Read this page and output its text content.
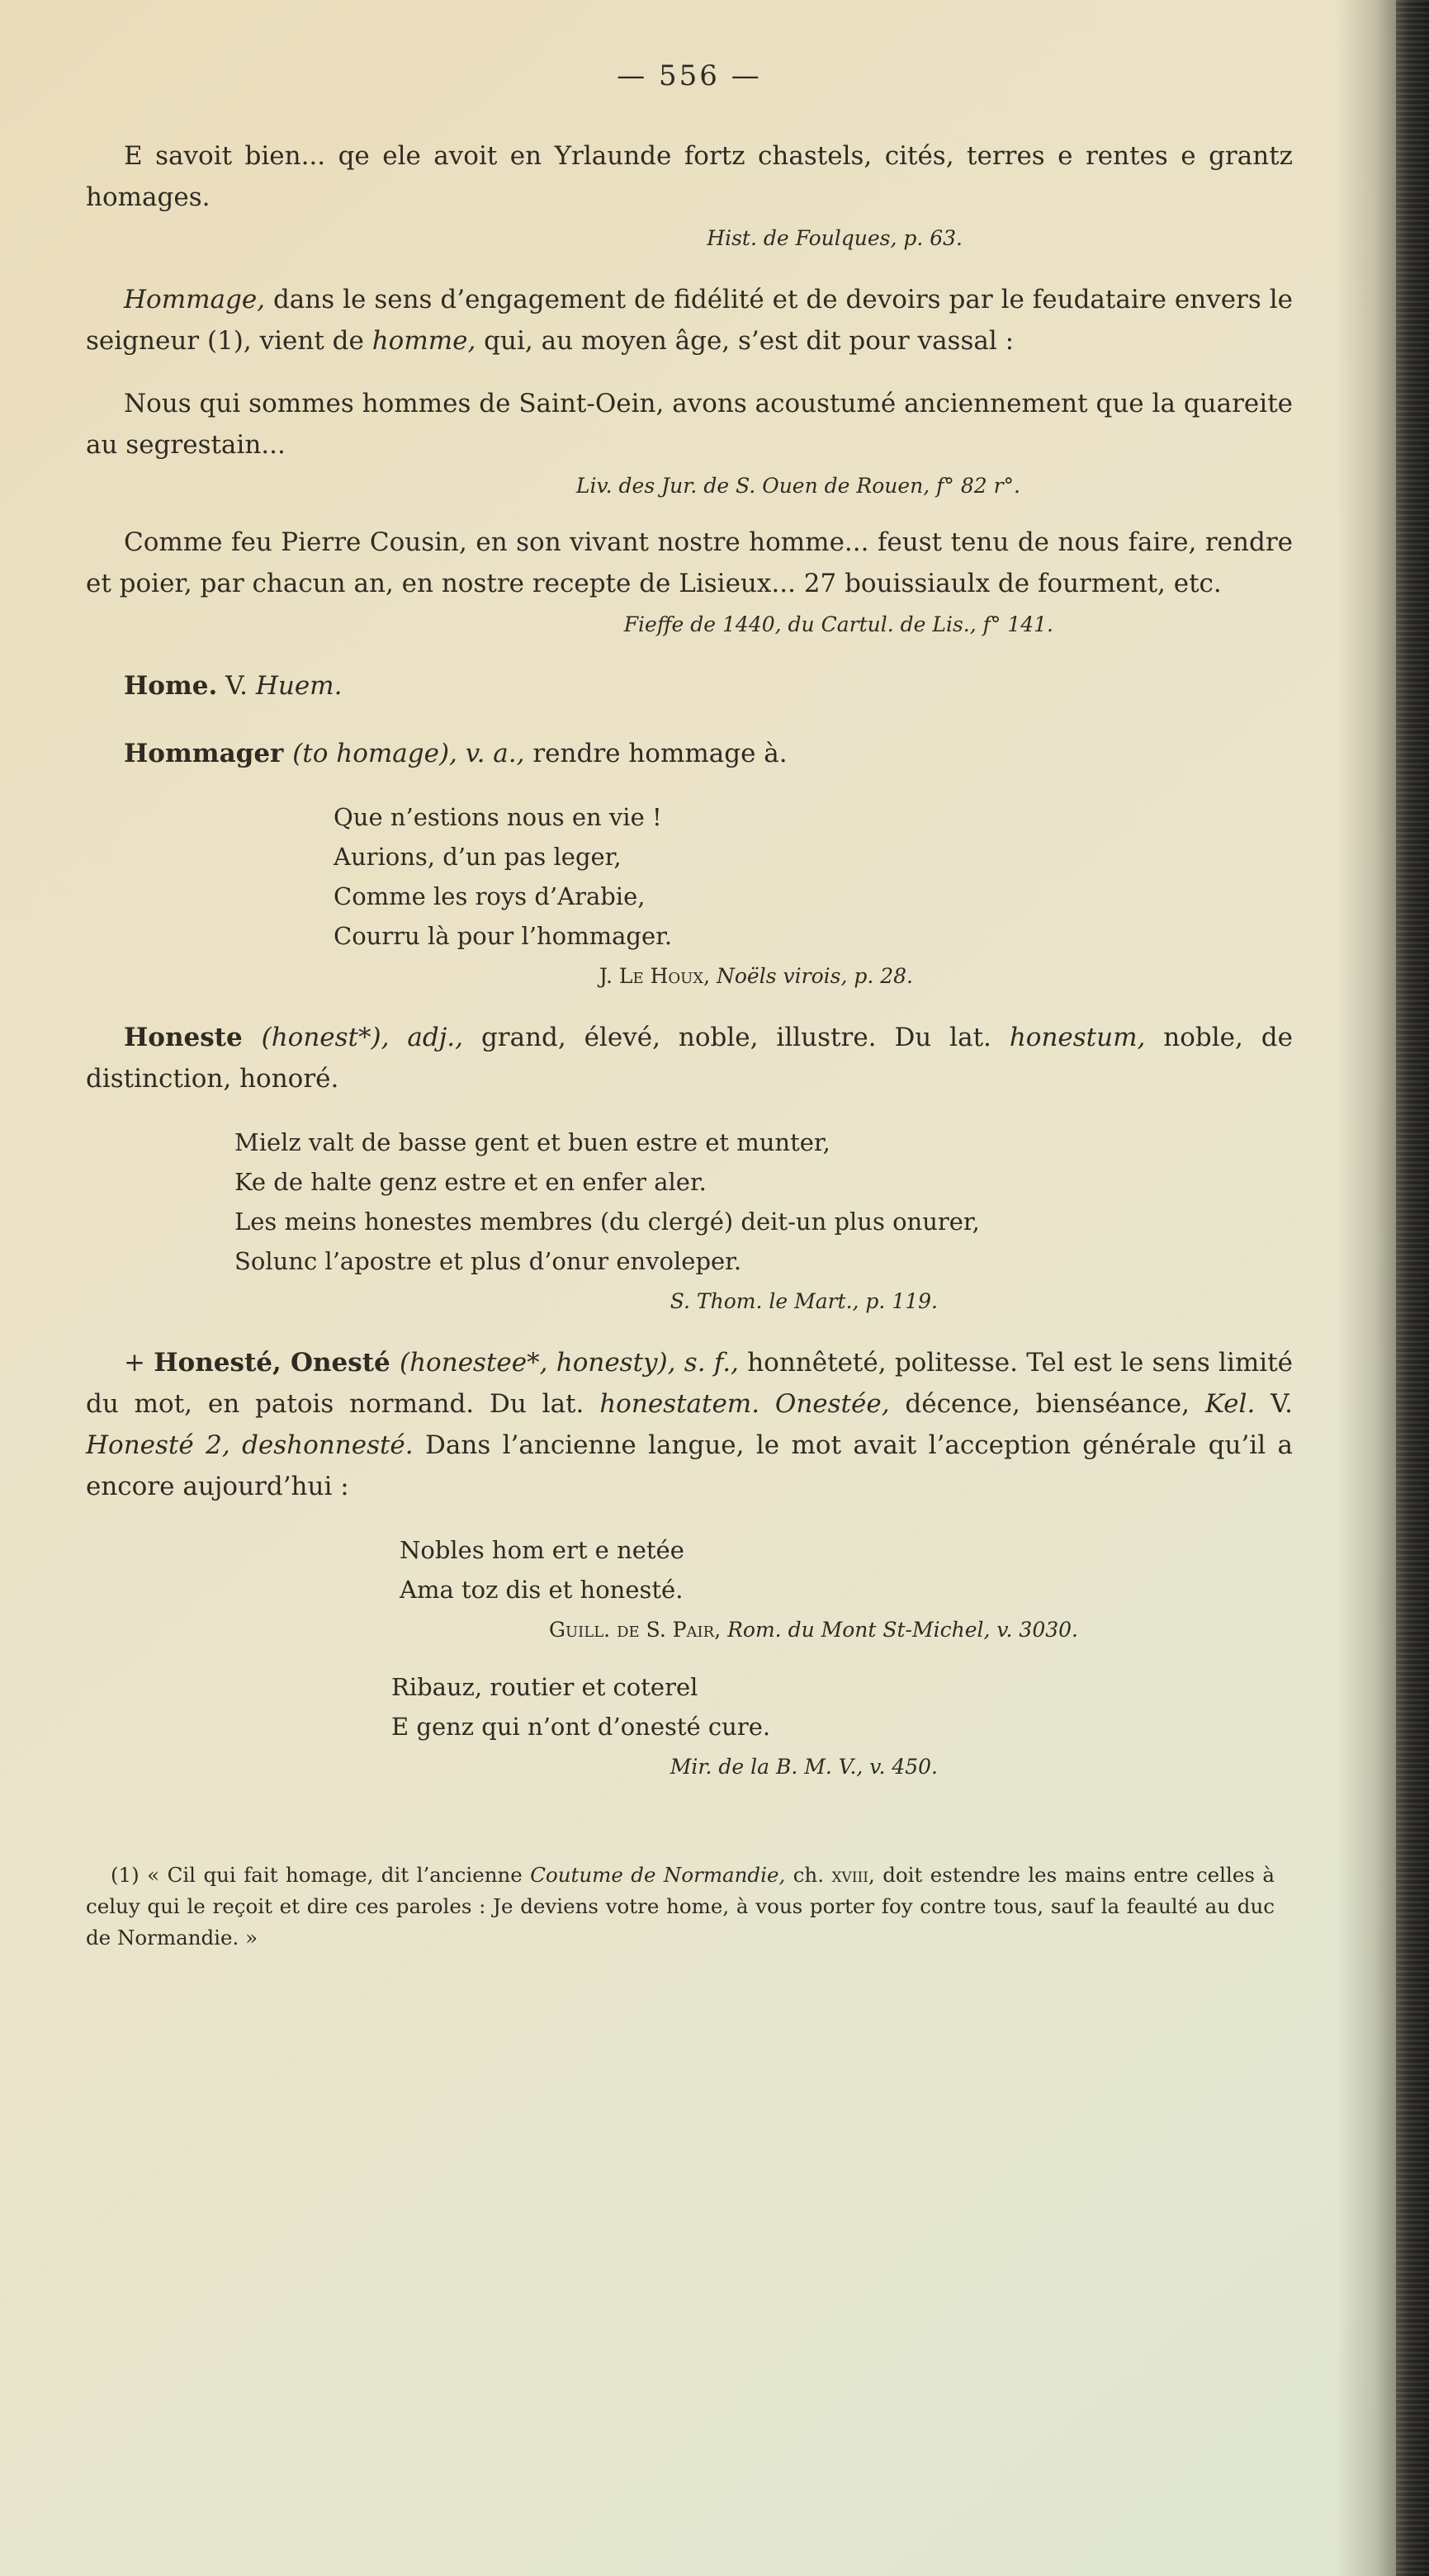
— 556 —

E savoit bien... qe ele avoit en Yrlaunde fortz chastels, cités, terres e rentes e grantz homages.

Hist. de Foulques, p. 63.

Hommage, dans le sens d’engagement de fidélité et de devoirs par le feudataire envers le seigneur (1), vient de homme, qui, au moyen âge, s’est dit pour vassal :

Nous qui sommes hommes de Saint-Oein, avons acoustumé anciennement que la quareite au segrestain...

Liv. des Jur. de S. Ouen de Rouen, f° 82 r°.

Comme feu Pierre Cousin, en son vivant nostre homme... feust tenu de nous faire, rendre et poier, par chacun an, en nostre recepte de Lisieux... 27 bouissiaulx de fourment, etc.

Fieffe de 1440, du Cartul. de Lis., f° 141.

Home. V. Huem.

Hommager (to homage), v. a., rendre hommage à.

Que n’estions nous en vie !
Aurions, d’un pas leger,
Comme les roys d’Arabie,
Courru là pour l’hommager.
J. Le Houx, Noëls virois, p. 28.

Honeste (honest*), adj., grand, élevé, noble, illustre. Du lat. honestum, noble, de distinction, honoré.

Mielz valt de basse gent et buen estre et munter,
Ke de halte genz estre et en enfer aler.
Les meins honestes membres (du clergé) deit-un plus onurer,
Solunc l’apostre et plus d’onur envoleper.
S. Thom. le Mart., p. 119.

+ Honesté, Onesté (honestee*, honesty), s. f., honnêteté, politesse. Tel est le sens limité du mot, en patois normand. Du lat. honestatem. Onestée, décence, bienséance, Kel. V. Honesté 2, deshonnesté. Dans l’ancienne langue, le mot avait l’acception générale qu’il a encore aujourd’hui :

Nobles hom ert e netée
Ama toz dis et honesté.
Guill. de S. Pair, Rom. du Mont St-Michel, v. 3030.
Ribauz, routier et coterel
E genz qui n’ont d’onesté cure.
Mir. de la B. M. V., v. 450.

(1) « Cil qui fait homage, dit l’ancienne Coutume de Normandie, ch. xviii, doit estendre les mains entre celles à celuy qui le reçoit et dire ces paroles : Je deviens votre home, à vous porter foy contre tous, sauf la feaulté au duc de Normandie. »
